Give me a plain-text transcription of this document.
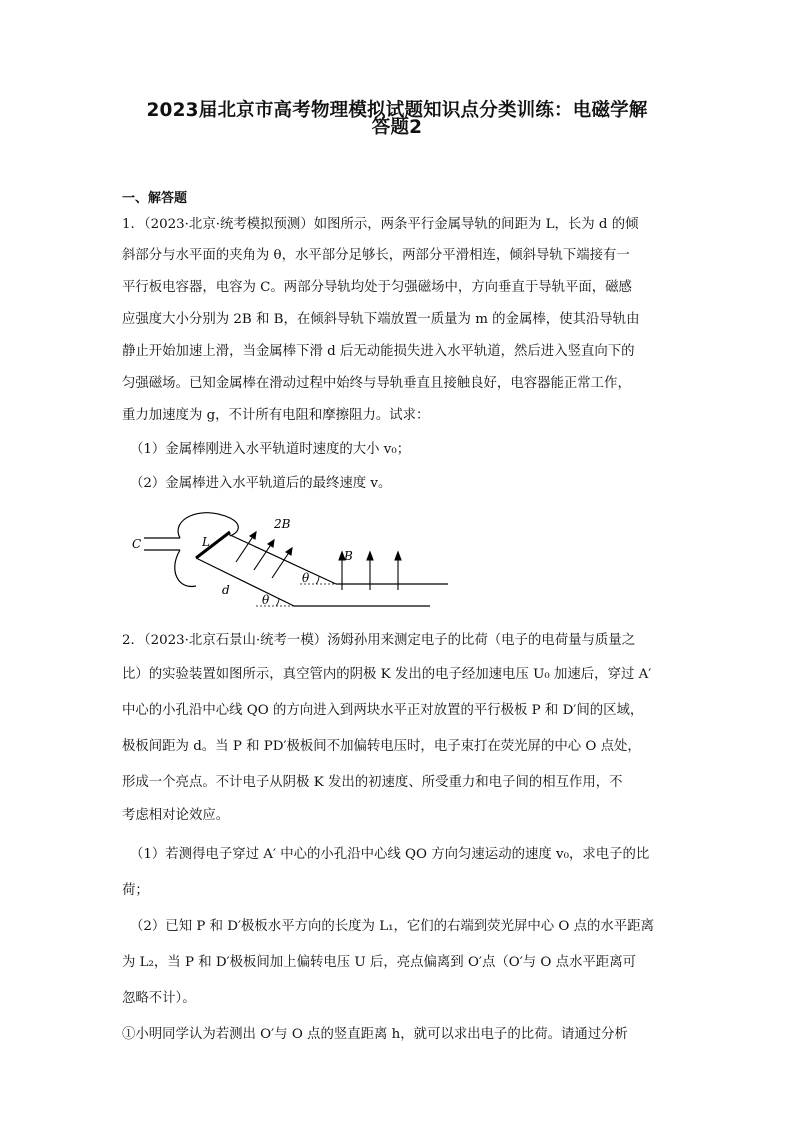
2023届北京市高考物理模拟试题知识点分类训练：电磁学解
答题2
一、解答题
1．（2023·北京·统考模拟预测）如图所示，两条平行金属导轨的间距为 L，长为 d 的倾
斜部分与水平面的夹角为 θ，水平部分足够长，两部分平滑相连，倾斜导轨下端接有一
平行板电容器，电容为 C。两部分导轨均处于匀强磁场中，方向垂直于导轨平面，磁感
应强度大小分别为 2B 和 B，在倾斜导轨下端放置一质量为 m 的金属棒，使其沿导轨由
静止开始加速上滑，当金属棒下滑 d 后无动能损失进入水平轨道，然后进入竖直向下的
匀强磁场。已知金属棒在滑动过程中始终与导轨垂直且接触良好，电容器能正常工作，
重力加速度为 g，不计所有电阻和摩擦阻力。试求：
（1）金属棒刚进入水平轨道时速度的大小 v₀；
（2）金属棒进入水平轨道后的最终速度 v。
C	L
2B
B
d
θ
θ
2．（2023·北京石景山·统考一模）汤姆孙用来测定电子的比荷（电子的电荷量与质量之
比）的实验装置如图所示，真空管内的阴极 K 发出的电子经加速电压 U₀ 加速后，穿过 A′
中心的小孔沿中心线 QO 的方向进入到两块水平正对放置的平行极板 P 和 D′间的区域，
极板间距为 d。当 P 和 PD′极板间不加偏转电压时，电子束打在荧光屏的中心 O 点处，
形成一个亮点。不计电子从阴极 K 发出的初速度、所受重力和电子间的相互作用，不
考虑相对论效应。
（1）若测得电子穿过 A′ 中心的小孔沿中心线 QO 方向匀速运动的速度 v₀，求电子的比
荷；
（2）已知 P 和 D′极板水平方向的长度为 L₁，它们的右端到荧光屏中心 O 点的水平距离
为 L₂，当 P 和 D′极板间加上偏转电压 U 后，亮点偏离到 O′点（O′与 O 点水平距离可
忽略不计）。
①小明同学认为若测出 O′与 O 点的竖直距离 h，就可以求出电子的比荷。请通过分析
